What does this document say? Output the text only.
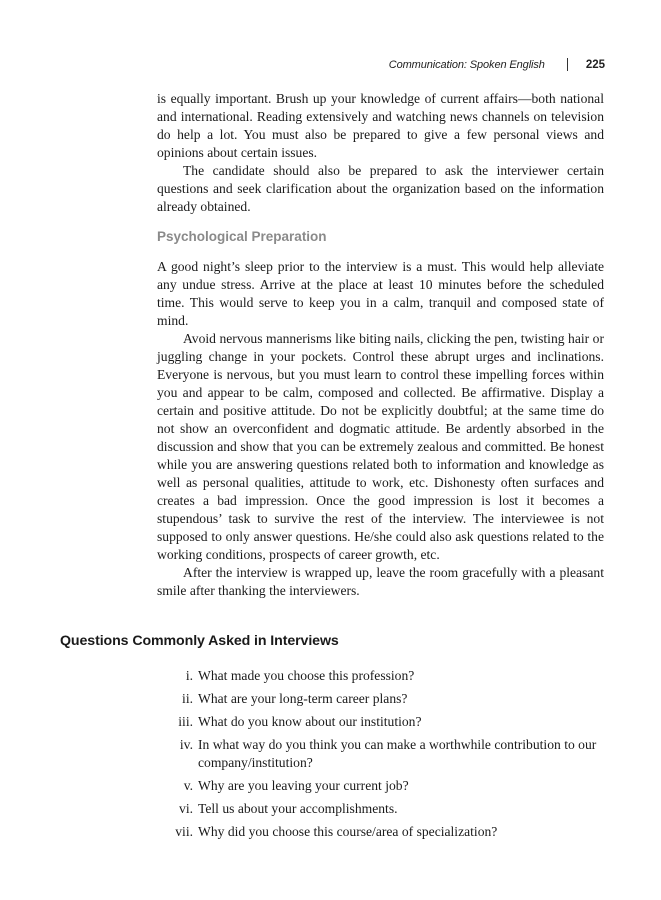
Communication: Spoken English	225

is equally important. Brush up your knowledge of current affairs—both national and international. Reading extensively and watching news channels on television do help a lot. You must also be prepared to give a few personal views and opinions about certain issues.

The candidate should also be prepared to ask the interviewer certain questions and seek clarification about the organization based on the information already obtained.

Psychological Preparation

A good night’s sleep prior to the interview is a must. This would help alleviate any undue stress. Arrive at the place at least 10 minutes before the scheduled time. This would serve to keep you in a calm, tranquil and composed state of mind.

Avoid nervous mannerisms like biting nails, clicking the pen, twisting hair or juggling change in your pockets. Control these abrupt urges and inclinations. Everyone is nervous, but you must learn to control these impelling forces within you and appear to be calm, composed and collected. Be affirmative. Display a certain and positive attitude. Do not be explicitly doubtful; at the same time do not show an overconfident and dogmatic attitude. Be ardently absorbed in the discussion and show that you can be extremely zealous and committed. Be honest while you are answering questions related both to information and knowledge as well as personal qualities, attitude to work, etc. Dishonesty often surfaces and creates a bad impression. Once the good impression is lost it becomes a stupendous’ task to survive the rest of the interview. The interviewee is not supposed to only answer questions. He/she could also ask questions related to the working conditions, prospects of career growth, etc.

After the interview is wrapped up, leave the room gracefully with a pleasant smile after thanking the interviewers.

Questions Commonly Asked in Interviews
i. What made you choose this profession?
ii. What are your long-term career plans?
iii. What do you know about our institution?
iv. In what way do you think you can make a worthwhile contribution to our company/institution?
v. Why are you leaving your current job?
vi. Tell us about your accomplishments.
vii. Why did you choose this course/area of specialization?
